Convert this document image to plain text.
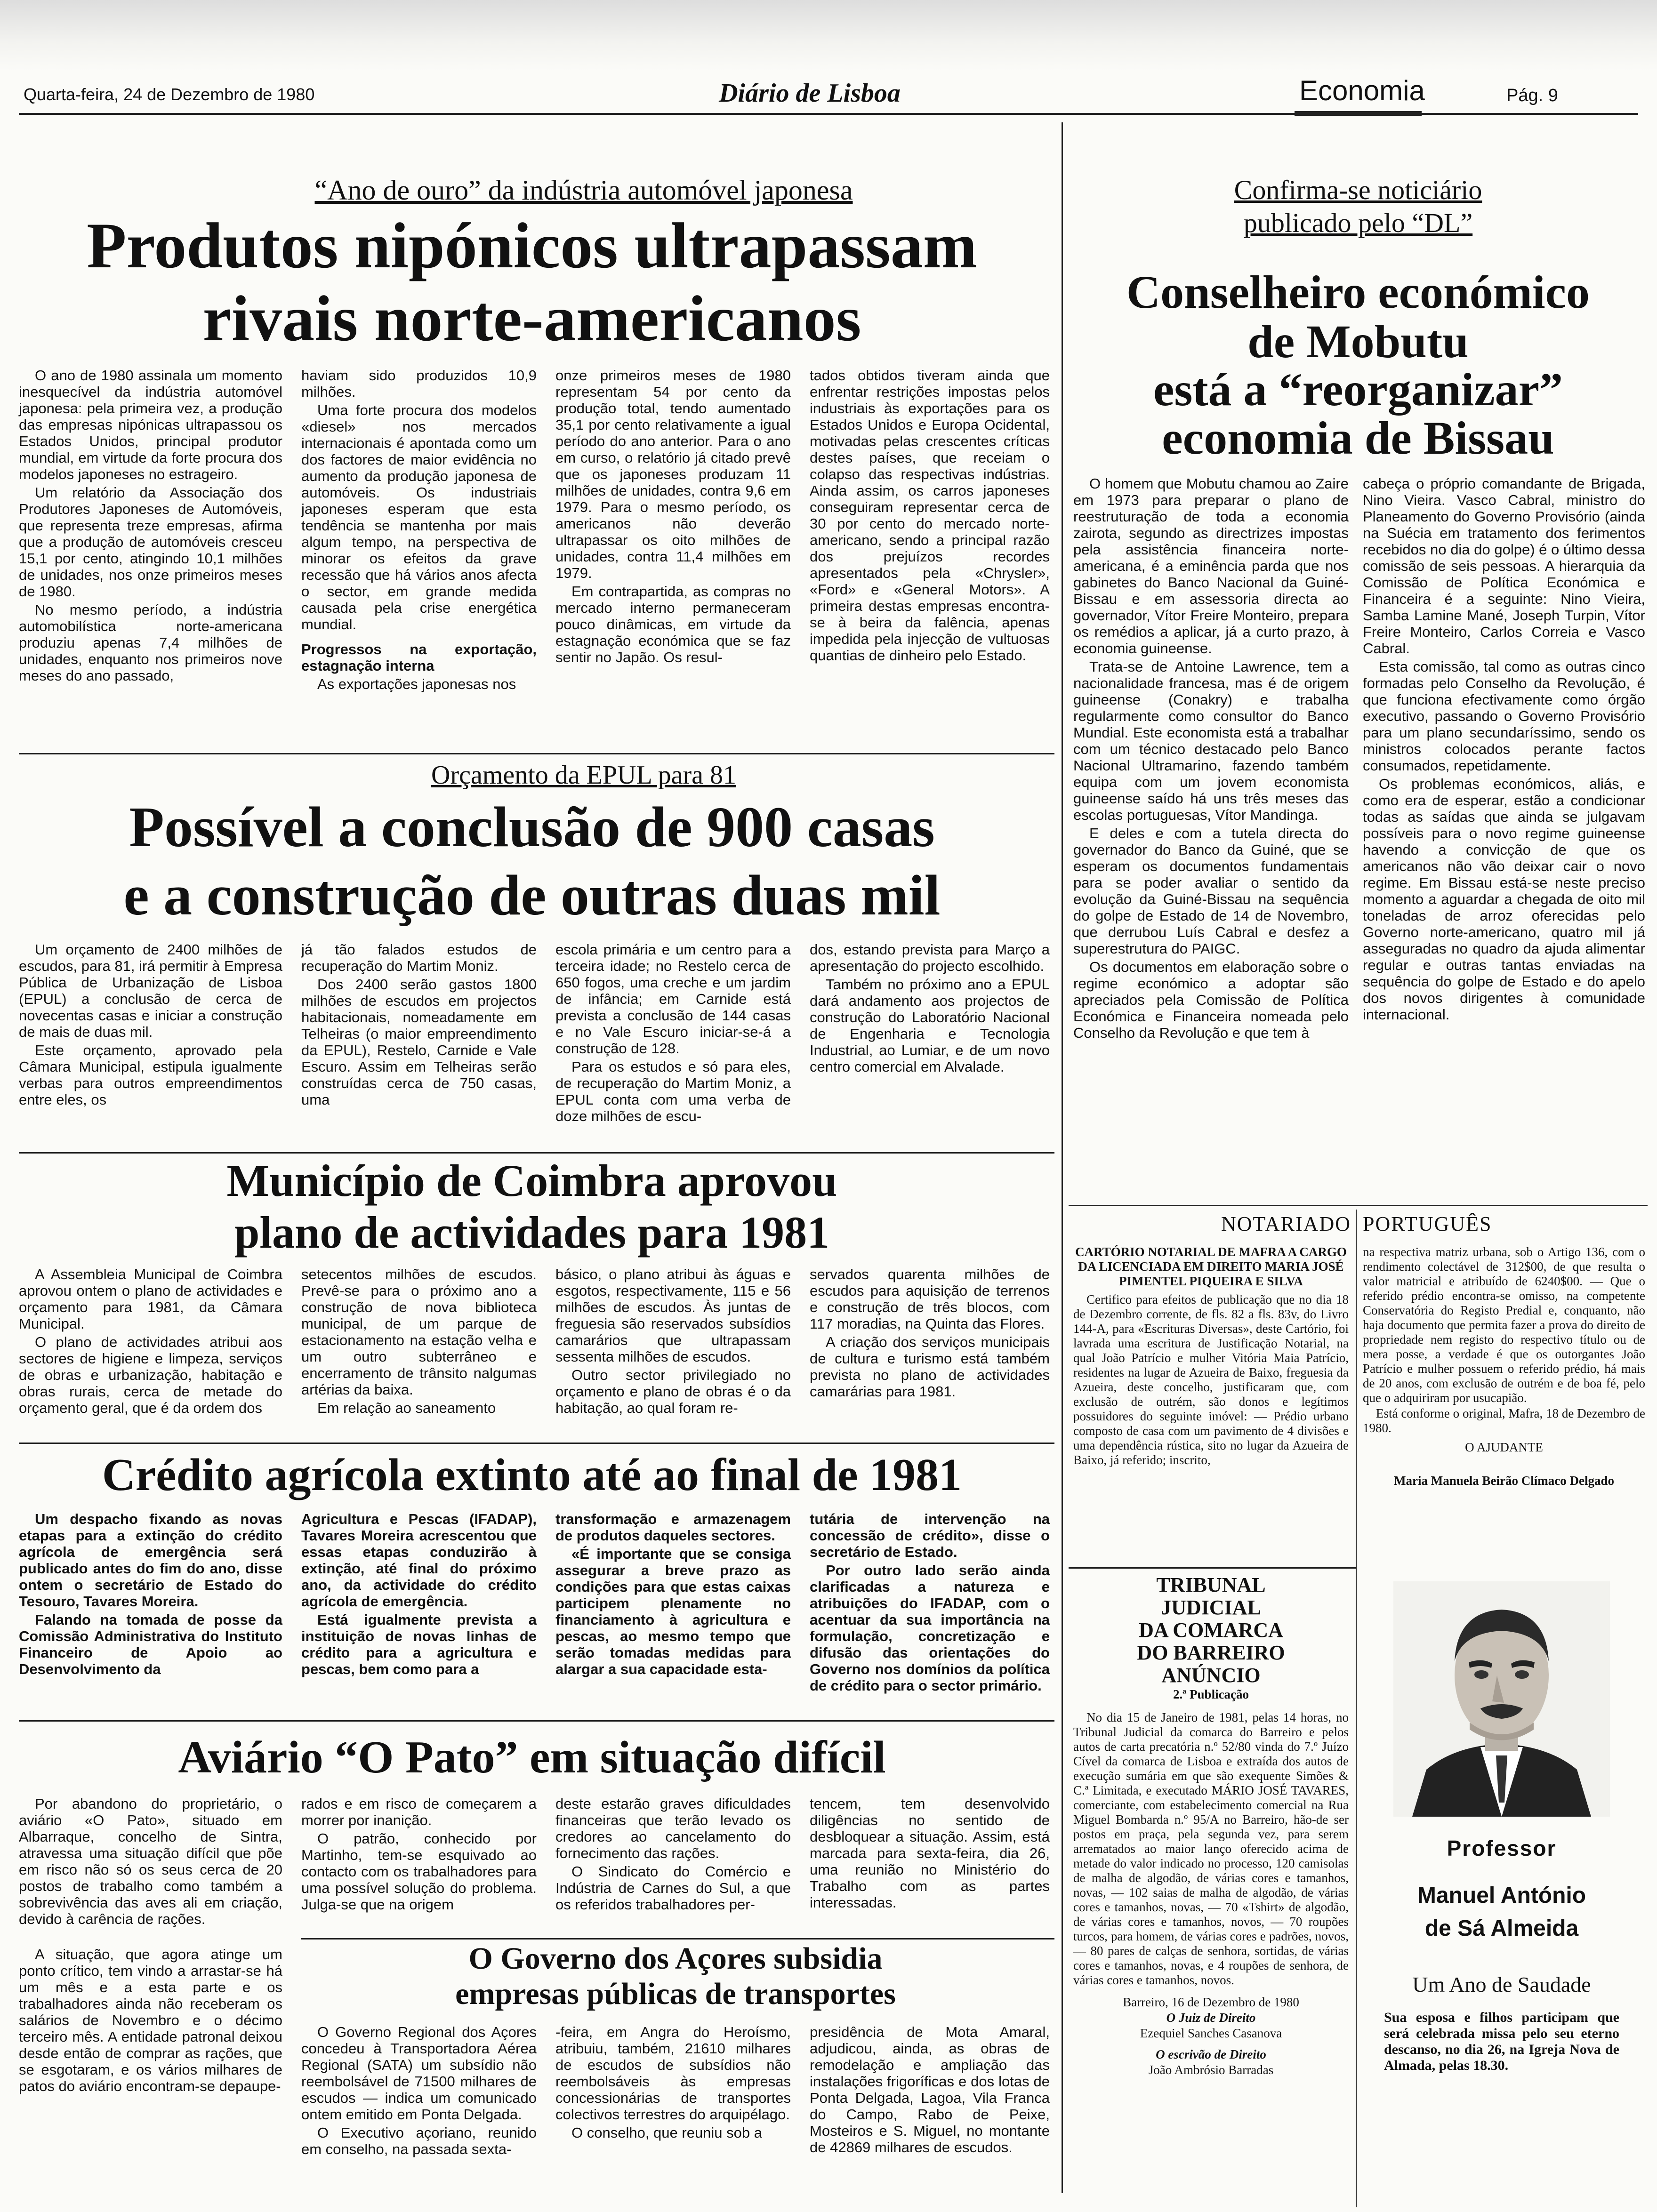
Quarta-feira, 24 de Dezembro de 1980	Diário de Lisboa	Economia	Pág. 9
“Ano de ouro” da indústria automóvel japonesa
Produtos nipónicos ultrapassam
rivais norte-americanos

O ano de 1980 assinala um momento inesquecível da indústria automóvel japonesa: pela primeira vez, a produção das empresas nipónicas ultrapassou os Estados Unidos, principal produtor mundial, em virtude da forte procura dos modelos japoneses no estrageiro.

Um relatório da Associação dos Produtores Japoneses de Automóveis, que representa treze empresas, afirma que a produção de automóveis cresceu 15,1 por cento, atingindo 10,1 milhões de unidades, nos onze primeiros meses de 1980.

No mesmo período, a indústria automobilística norte-americana produziu apenas 7,4 milhões de unidades, enquanto nos primeiros nove meses do ano passado,

haviam sido produzidos 10,9 milhões.

Uma forte procura dos modelos «diesel» nos mercados internacionais é apontada como um dos factores de maior evidência no aumento da produção japonesa de automóveis. Os industriais japoneses esperam que esta tendência se mantenha por mais algum tempo, na perspectiva de minorar os efeitos da grave recessão que há vários anos afecta o sector, em grande medida causada pela crise energética mundial.

Progressos na exportação, estagnação interna

As exportações japonesas nos

onze primeiros meses de 1980 representam 54 por cento da produção total, tendo aumentado 35,1 por cento relativamente a igual período do ano anterior. Para o ano em curso, o relatório já citado prevê que os japoneses produzam 11 milhões de unidades, contra 9,6 em 1979. Para o mesmo período, os americanos não deverão ultrapassar os oito milhões de unidades, contra 11,4 milhões em 1979.

Em contrapartida, as compras no mercado interno permaneceram pouco dinâmicas, em virtude da estagnação económica que se faz sentir no Japão. Os resul-

tados obtidos tiveram ainda que enfrentar restrições impostas pelos industriais às exportações para os Estados Unidos e Europa Ocidental, motivadas pelas crescentes críticas destes países, que receiam o colapso das respectivas indústrias. Ainda assim, os carros japoneses conseguiram representar cerca de 30 por cento do mercado norte-americano, sendo a principal razão dos prejuízos recordes apresentados pela «Chrysler», «Ford» e «General Motors». A primeira destas empresas encontra-se à beira da falência, apenas impedida pela injecção de vultuosas quantias de dinheiro pelo Estado.

Orçamento da EPUL para 81
Possível a conclusão de 900 casas
e a construção de outras duas mil

Um orçamento de 2400 milhões de escudos, para 81, irá permitir à Empresa Pública de Urbanização de Lisboa (EPUL) a conclusão de cerca de novecentas casas e iniciar a construção de mais de duas mil.

Este orçamento, aprovado pela Câmara Municipal, estipula igualmente verbas para outros empreendimentos entre eles, os

já tão falados estudos de recuperação do Martim Moniz.

Dos 2400 serão gastos 1800 milhões de escudos em projectos habitacionais, nomeadamente em Telheiras (o maior empreendimento da EPUL), Restelo, Carnide e Vale Escuro. Assim em Telheiras serão construídas cerca de 750 casas, uma

escola primária e um centro para a terceira idade; no Restelo cerca de 650 fogos, uma creche e um jardim de infância; em Carnide está prevista a conclusão de 144 casas e no Vale Escuro iniciar-se-á a construção de 128.

Para os estudos e só para eles, de recuperação do Martim Moniz, a EPUL conta com uma verba de doze milhões de escu-

dos, estando prevista para Março a apresentação do projecto escolhido.

Também no próximo ano a EPUL dará andamento aos projectos de construção do Laboratório Nacional de Engenharia e Tecnologia Industrial, ao Lumiar, e de um novo centro comercial em Alvalade.

Município de Coimbra aprovou
plano de actividades para 1981

A Assembleia Municipal de Coimbra aprovou ontem o plano de actividades e orçamento para 1981, da Câmara Municipal.

O plano de actividades atribui aos sectores de higiene e limpeza, serviços de obras e urbanização, habitação e obras rurais, cerca de metade do orçamento geral, que é da ordem dos

setecentos milhões de escudos. Prevê-se para o próximo ano a construção de nova biblioteca municipal, de um parque de estacionamento na estação velha e um outro subterrâneo e encerramento de trânsito nalgumas artérias da baixa.

Em relação ao saneamento

básico, o plano atribui às águas e esgotos, respectivamente, 115 e 56 milhões de escudos. Às juntas de freguesia são reservados subsídios camarários que ultrapassam sessenta milhões de escudos.

Outro sector privilegiado no orçamento e plano de obras é o da habitação, ao qual foram re-

servados quarenta milhões de escudos para aquisição de terrenos e construção de três blocos, com 117 moradias, na Quinta das Flores.

A criação dos serviços municipais de cultura e turismo está também prevista no plano de actividades camarárias para 1981.

Crédito agrícola extinto até ao final de 1981

Um despacho fixando as novas etapas para a extinção do crédito agrícola de emergência será publicado antes do fim do ano, disse ontem o secretário de Estado do Tesouro, Tavares Moreira.

Falando na tomada de posse da Comissão Administrativa do Instituto Financeiro de Apoio ao Desenvolvimento da

Agricultura e Pescas (IFADAP), Tavares Moreira acrescentou que essas etapas conduzirão à extinção, até final do próximo ano, da actividade do crédito agrícola de emergência.

Está igualmente prevista a instituição de novas linhas de crédito para a agricultura e pescas, bem como para a

transformação e armazenagem de produtos daqueles sectores.

«É importante que se consiga assegurar a breve prazo as condições para que estas caixas participem plenamente no financiamento à agricultura e pescas, ao mesmo tempo que serão tomadas medidas para alargar a sua capacidade esta-

tutária de intervenção na concessão de crédito», disse o secretário de Estado.

Por outro lado serão ainda clarificadas a natureza e atribuições do IFADAP, com o acentuar da sua importância na formulação, concretização e difusão das orientações do Governo nos domínios da política de crédito para o sector primário.

Aviário “O Pato” em situação difícil

Por abandono do proprietário, o aviário «O Pato», situado em Albarraque, concelho de Sintra, atravessa uma situação difícil que põe em risco não só os seus cerca de 20 postos de trabalho como também a sobrevivência das aves ali em criação, devido à carência de rações.

A situação, que agora atinge um ponto crítico, tem vindo a arrastar-se há um mês e a esta parte e os trabalhadores ainda não receberam os salários de Novembro e o décimo terceiro mês. A entidade patronal deixou desde então de comprar as rações, que se esgotaram, e os vários milhares de patos do aviário encontram-se depaupe-

rados e em risco de começarem a morrer por inanição.

O patrão, conhecido por Martinho, tem-se esquivado ao contacto com os trabalhadores para uma possível solução do problema. Julga-se que na origem

deste estarão graves dificuldades financeiras que terão levado os credores ao cancelamento do fornecimento das rações.

O Sindicato do Comércio e Indústria de Carnes do Sul, a que os referidos trabalhadores per-

tencem, tem desenvolvido diligências no sentido de desbloquear a situação. Assim, está marcada para sexta-feira, dia 26, uma reunião no Ministério do Trabalho com as partes interessadas.

O Governo dos Açores subsidia
empresas públicas de transportes

O Governo Regional dos Açores concedeu à Transportadora Aérea Regional (SATA) um subsídio não reembolsável de 71500 milhares de escudos — indica um comunicado ontem emitido em Ponta Delgada.

O Executivo açoriano, reunido em conselho, na passada sexta-

-feira, em Angra do Heroísmo, atribuiu, também, 21610 milhares de escudos de subsídios não reembolsáveis às empresas concessionárias de transportes colectivos terrestres do arquipélago.

O conselho, que reuniu sob a

presidência de Mota Amaral, adjudicou, ainda, as obras de remodelação e ampliação das instalações frigoríficas e dos lotas de Ponta Delgada, Lagoa, Vila Franca do Campo, Rabo de Peixe, Mosteiros e S. Miguel, no montante de 42869 milhares de escudos.

Confirma-se noticiário
publicado pelo “DL”
Conselheiro económico
de Mobutu
está a “reorganizar”
economia de Bissau

O homem que Mobutu chamou ao Zaire em 1973 para preparar o plano de reestruturação de toda a economia zairota, segundo as directrizes impostas pela assistência financeira norte-americana, é a eminência parda que nos gabinetes do Banco Nacional da Guiné-Bissau e em assessoria directa ao governador, Vítor Freire Monteiro, prepara os remédios a aplicar, já a curto prazo, à economia guineense.

Trata-se de Antoine Lawrence, tem a nacionalidade francesa, mas é de origem guineense (Conakry) e trabalha regularmente como consultor do Banco Mundial. Este economista está a trabalhar com um técnico destacado pelo Banco Nacional Ultramarino, fazendo também equipa com um jovem economista guineense saído há uns três meses das escolas portuguesas, Vítor Mandinga.

E deles e com a tutela directa do governador do Banco da Guiné, que se esperam os documentos fundamentais para se poder avaliar o sentido da evolução da Guiné-Bissau na sequência do golpe de Estado de 14 de Novembro, que derrubou Luís Cabral e desfez a superestrutura do PAIGC.

Os documentos em elaboração sobre o regime económico a adoptar são apreciados pela Comissão de Política Económica e Financeira nomeada pelo Conselho da Revolução e que tem à

cabeça o próprio comandante de Brigada, Nino Vieira. Vasco Cabral, ministro do Planeamento do Governo Provisório (ainda na Suécia em tratamento dos ferimentos recebidos no dia do golpe) é o último dessa comissão de seis pessoas. A hierarquia da Comissão de Política Económica e Financeira é a seguinte: Nino Vieira, Samba Lamine Mané, Joseph Turpin, Vítor Freire Monteiro, Carlos Correia e Vasco Cabral.

Esta comissão, tal como as outras cinco formadas pelo Conselho da Revolução, é que funciona efectivamente como órgão executivo, passando o Governo Provisório para um plano secundaríssimo, sendo os ministros colocados perante factos consumados, repetidamente.

Os problemas económicos, aliás, e como era de esperar, estão a condicionar todas as saídas que ainda se julgavam possíveis para o novo regime guineense havendo a convicção de que os americanos não vão deixar cair o novo regime. Em Bissau está-se neste preciso momento a aguardar a chegada de oito mil toneladas de arroz oferecidas pelo Governo norte-americano, quatro mil já asseguradas no quadro da ajuda alimentar regular e outras tantas enviadas na sequência do golpe de Estado e do apelo dos novos dirigentes à comunidade internacional.

NOTARIADO PORTUGUÊS

CARTÓRIO NOTARIAL DE MAFRA A CARGO DA LICENCIADA EM DIREITO MARIA JOSÉ PIMENTEL PIQUEIRA E SILVA

Certifico para efeitos de publicação que no dia 18 de Dezembro corrente, de fls. 82 a fls. 83v, do Livro 144-A, para «Escrituras Diversas», deste Cartório, foi lavrada uma escritura de Justificação Notarial, na qual João Patrício e mulher Vitória Maia Patrício, residentes na lugar de Azueira de Baixo, freguesia da Azueira, deste concelho, justificaram que, com exclusão de outrém, são donos e legítimos possuidores do seguinte imóvel: — Prédio urbano composto de casa com um pavimento de 4 divisões e uma dependência rústica, sito no lugar da Azueira de Baixo, já referido; inscrito,

na respectiva matriz urbana, sob o Artigo 136, com o rendimento colectável de 312$00, de que resulta o valor matricial e atribuído de 6240$00. — Que o referido prédio encontra-se omisso, na competente Conservatória do Registo Predial e, conquanto, não haja documento que permita fazer a prova do direito de propriedade nem registo do respectivo título ou de mera posse, a verdade é que os outorgantes João Patrício e mulher possuem o referido prédio, há mais de 20 anos, com exclusão de outrém e de boa fé, pelo que o adquiriram por usucapião.

Está conforme o original, Mafra, 18 de Dezembro de 1980.

O AJUDANTE

Maria Manuela Beirão Clímaco Delgado

TRIBUNAL

JUDICIAL

DA COMARCA

DO BARREIRO

ANÚNCIO

2.ª Publicação

No dia 15 de Janeiro de 1981, pelas 14 horas, no Tribunal Judicial da comarca do Barreiro e pelos autos de carta precatória n.º 52/80 vinda do 7.º Juízo Cível da comarca de Lisboa e extraída dos autos de execução sumária em que são exequente Simões & C.ª Limitada, e executado MÁRIO JOSÉ TAVARES, comerciante, com estabelecimento comercial na Rua Miguel Bombarda n.º 95/A no Barreiro, hão-de ser postos em praça, pela segunda vez, para serem arrematados ao maior lanço oferecido acima de metade do valor indicado no processo, 120 camisolas de malha de algodão, de várias cores e tamanhos, novas, — 102 saias de malha de algodão, de várias cores e tamanhos, novas, — 70 «Tshirt» de algodão, de várias cores e tamanhos, novos, — 70 roupões turcos, para homem, de várias cores e padrões, novos, — 80 pares de calças de senhora, sortidas, de várias cores e tamanhos, novas, e 4 roupões de senhora, de várias cores e tamanhos, novos.

Barreiro, 16 de Dezembro de 1980

O Juiz de Direito

Ezequiel Sanches Casanova

O escrivão de Direito

João Ambrósio Barradas

Professor
Manuel António
de Sá Almeida
Um Ano de Saudade
Sua esposa e filhos participam que será celebrada missa pelo seu eterno descanso, no dia 26, na Igreja Nova de Almada, pelas 18.30.
